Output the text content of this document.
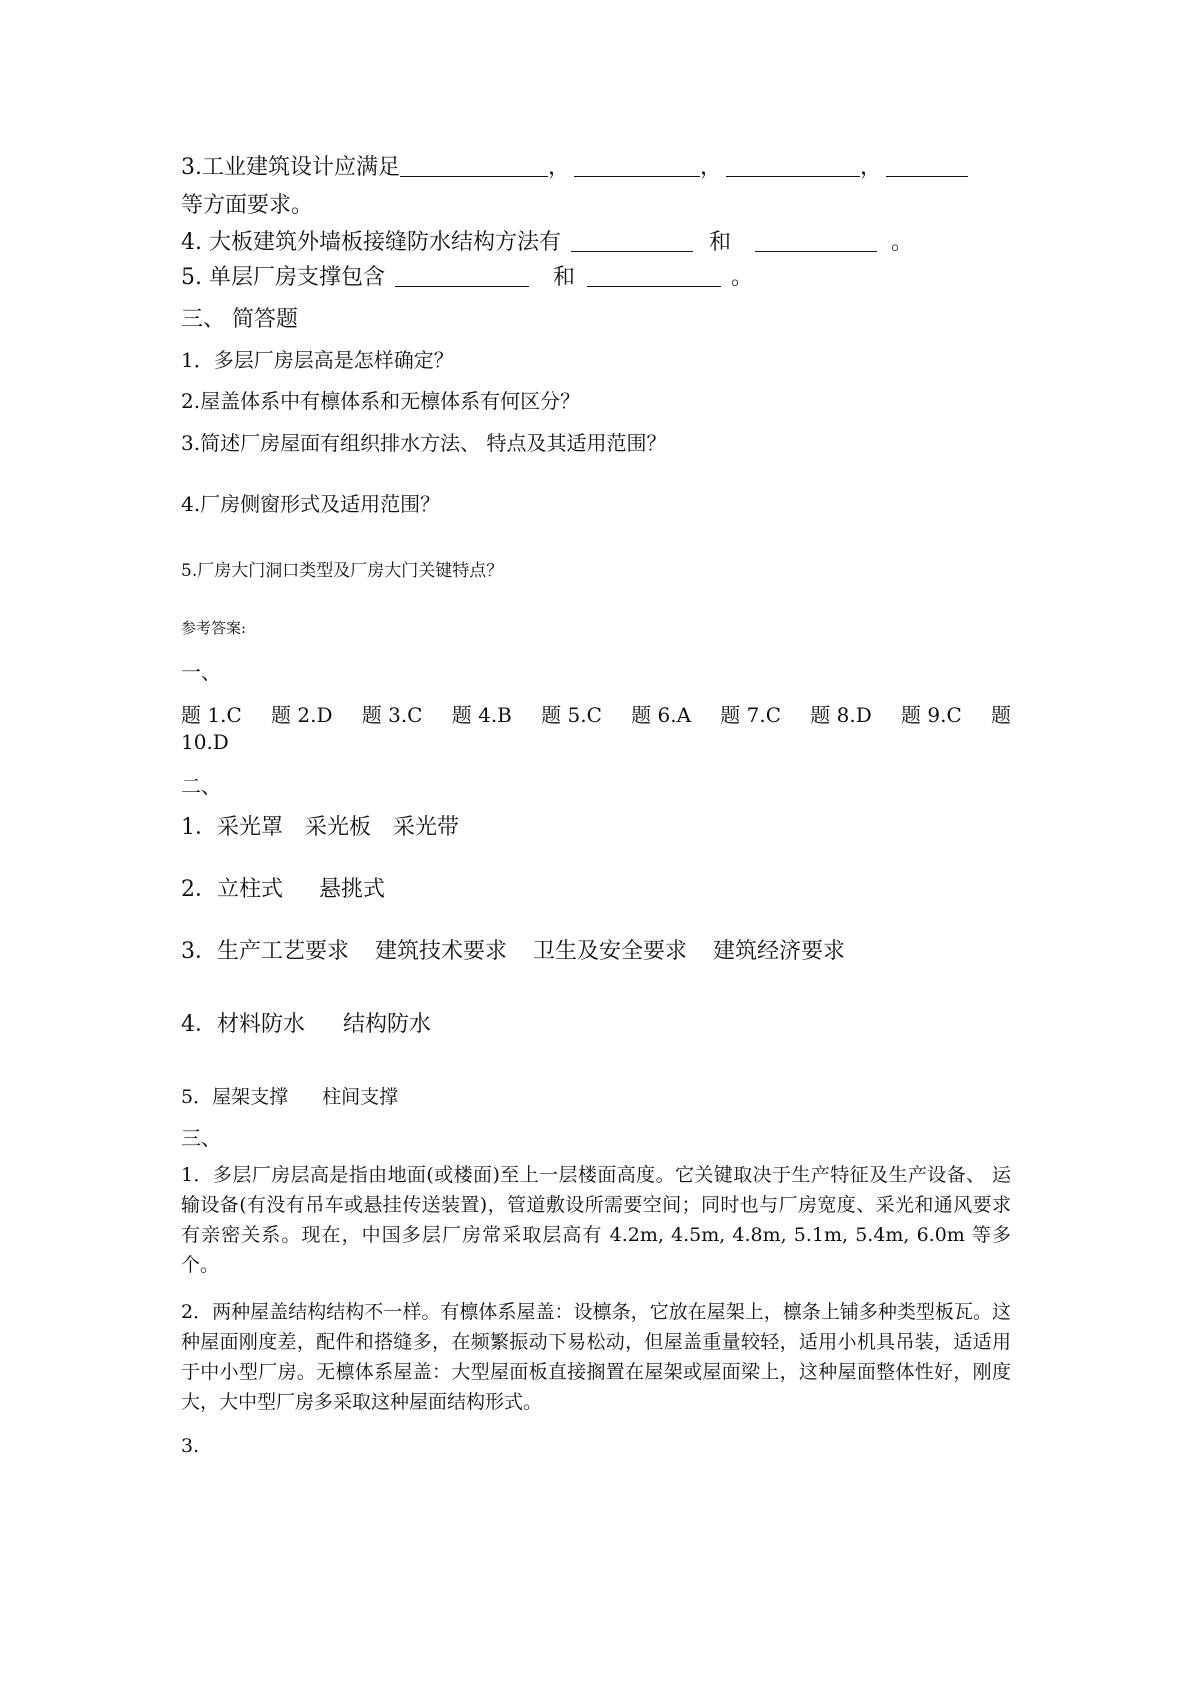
3.工业建筑设计应满足	，	，	，
等方面要求。
4. 大板建筑外墙板接缝防水结构方法有	和	。
5. 单层厂房支撑包含	和	。
三、 简答题
1．多层厂房层高是怎样确定？
2.屋盖体系中有檩体系和无檩体系有何区分？
3.简述厂房屋面有组织排水方法、 特点及其适用范围？
4.厂房侧窗形式及适用范围？
5.厂房大门洞口类型及厂房大门关键特点？
参考答案:
一、
题 1.C 题 2.D 题 3.C 题 4.B 题 5.C 题 6.A 题 7.C 题 8.D 题 9.C 题
10.D
二、
1．采光罩 采光板 采光带
2．立柱式 悬挑式
3．生产工艺要求 建筑技术要求 卫生及安全要求 建筑经济要求
4．材料防水 结构防水
5．屋架支撑 柱间支撑
三、
1．多层厂房层高是指由地面(或楼面)至上一层楼面高度。它关键取决于生产特征及生产设备、 运输设备(有没有吊车或悬挂传送装置)，管道敷设所需要空间；同时也与厂房宽度、采光和通风要求有亲密关系。现在，中国多层厂房常采取层高有 4.2m, 4.5m, 4.8m, 5.1m, 5.4m, 6.0m 等多个。
2．两种屋盖结构结构不一样。有檩体系屋盖：设檩条，它放在屋架上，檩条上铺多种类型板瓦。这种屋面刚度差，配件和搭缝多，在频繁振动下易松动，但屋盖重量较轻，适用小机具吊装，适适用于中小型厂房。无檩体系屋盖：大型屋面板直接搁置在屋架或屋面梁上，这种屋面整体性好，刚度大，大中型厂房多采取这种屋面结构形式。
3.
